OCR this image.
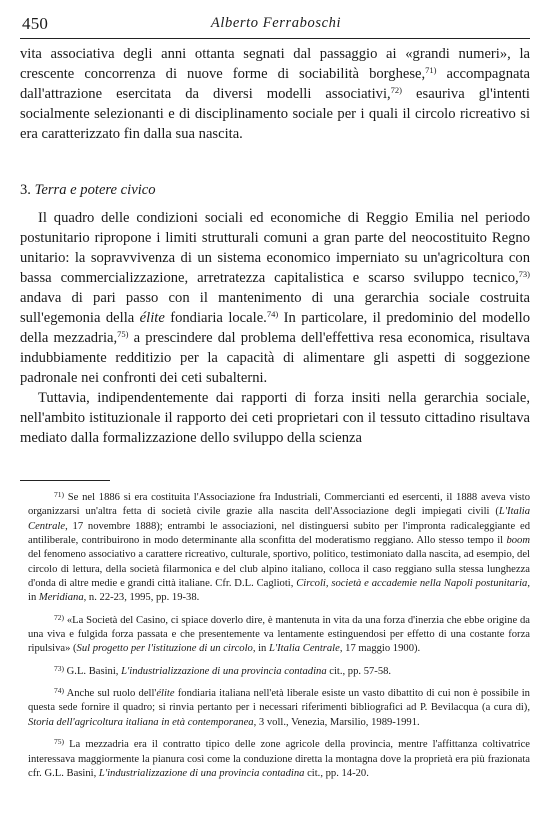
450	Alberto Ferraboschi

vita associativa degli anni ottanta segnati dal passaggio ai «grandi numeri», la crescente concorrenza di nuove forme di sociabilità borghese,$^{71)}$ accompagnata dall'attrazione esercitata da diversi modelli associativi,$^{72)}$ esauriva gl'intenti socialmente selezionanti e di disciplinamento sociale per i quali il circolo ricreativo si era caratterizzato fin dalla sua nascita.

3. Terra e potere civico

Il quadro delle condizioni sociali ed economiche di Reggio Emilia nel periodo postunitario ripropone i limiti strutturali comuni a gran parte del neocostituito Regno unitario: la sopravvivenza di un sistema economico imperniato su un'agricoltura con bassa commercializzazione, arretratezza capitalistica e scarso sviluppo tecnico,$^{73)}$ andava di pari passo con il mantenimento di una gerarchia sociale costruita sull'egemonia della élite fondiaria locale.$^{74)}$ In particolare, il predominio del modello della mezzadria,$^{75)}$ a prescindere dal problema dell'effettiva resa economica, risultava indubbiamente redditizio per la capacità di alimentare gli aspetti di soggezione padronale nei confronti dei ceti subalterni.

Tuttavia, indipendentemente dai rapporti di forza insiti nella gerarchia sociale, nell'ambito istituzionale il rapporto dei ceti proprietari con il tessuto cittadino risultava mediato dalla formalizzazione dello sviluppo della scienza

$^{71)}$ Se nel 1886 si era costituita l'Associazione fra Industriali, Commercianti ed esercenti, il 1888 aveva visto organizzarsi un'altra fetta di società civile grazie alla nascita dell'Associazione degli impiegati civili (L'Italia Centrale, 17 novembre 1888); entrambi le associazioni, nel distinguersi subito per l'impronta radicaleggiante ed antiliberale, contribuirono in modo determinante alla sconfitta del moderatismo reggiano. Allo stesso tempo il boom del fenomeno associativo a carattere ricreativo, culturale, sportivo, politico, testimoniato dalla nascita, ad esempio, del circolo di lettura, della società filarmonica e del club alpino italiano, colloca il caso reggiano sulla stessa lunghezza d'onda di altre medie e grandi città italiane. Cfr. D.L. Caglioti, Circoli, società e accademie nella Napoli postunitaria, in Meridiana, n. 22-23, 1995, pp. 19-38.

$^{72)}$ «La Società del Casino, ci spiace doverlo dire, è mantenuta in vita da una forza d'inerzia che ebbe origine da una viva e fulgida forza passata e che presentemente va lentamente estinguendosi per effetto di una costante forza ripulsiva» (Sul progetto per l'istituzione di un circolo, in L'Italia Centrale, 17 maggio 1900).

$^{73)}$ G.L. Basini, L'industrializzazione di una provincia contadina cit., pp. 57-58.

$^{74)}$ Anche sul ruolo dell'élite fondiaria italiana nell'età liberale esiste un vasto dibattito di cui non è possibile in questa sede fornire il quadro; si rinvia pertanto per i necessari riferimenti bibliografici ad P. Bevilacqua (a cura di), Storia dell'agricoltura italiana in età contemporanea, 3 voll., Venezia, Marsilio, 1989-1991.

$^{75)}$ La mezzadria era il contratto tipico delle zone agricole della provincia, mentre l'affittanza coltivatrice interessava maggiormente la pianura così come la conduzione diretta la montagna dove la proprietà era più frazionata cfr. G.L. Basini, L'industrializzazione di una provincia contadina cit., pp. 14-20.
